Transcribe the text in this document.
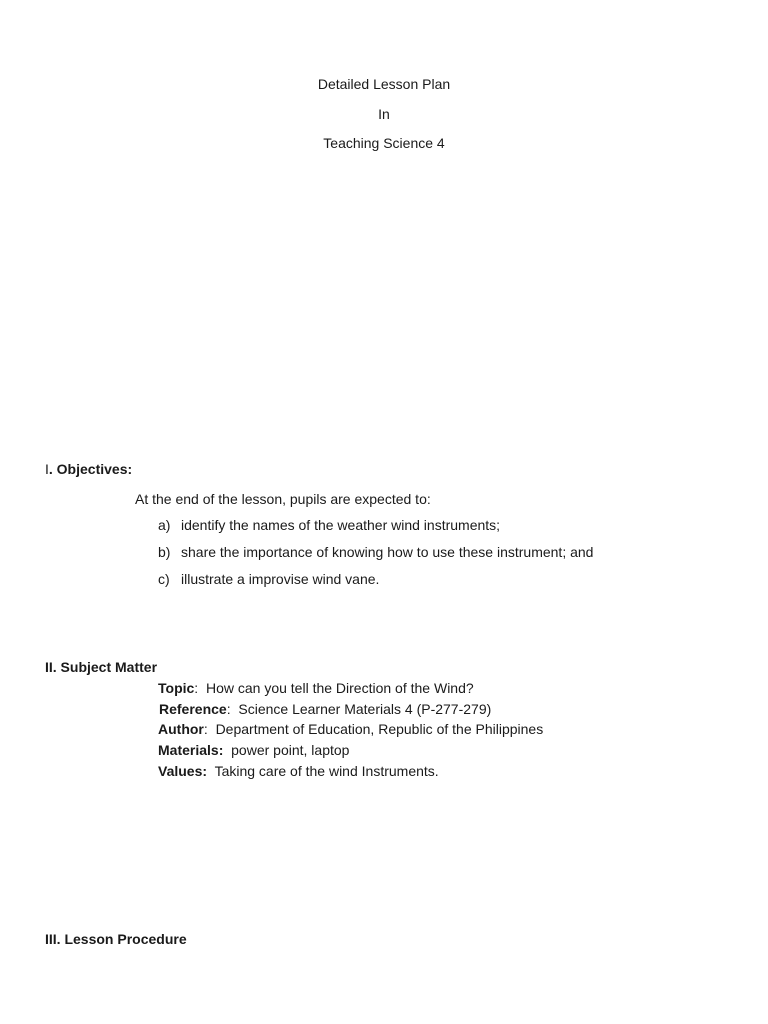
Detailed Lesson Plan
In
Teaching Science 4
I. Objectives:
At the end of the lesson, pupils are expected to:
a) identify the names of the weather wind instruments;
b) share the importance of knowing how to use these instrument; and
c) illustrate a improvise wind vane.
II. Subject Matter
Topic:  How can you tell the Direction of the Wind?
Reference:  Science Learner Materials 4 (P-277-279)
Author:  Department of Education, Republic of the Philippines
Materials: power point, laptop
Values: Taking care of the wind Instruments.
III. Lesson Procedure
